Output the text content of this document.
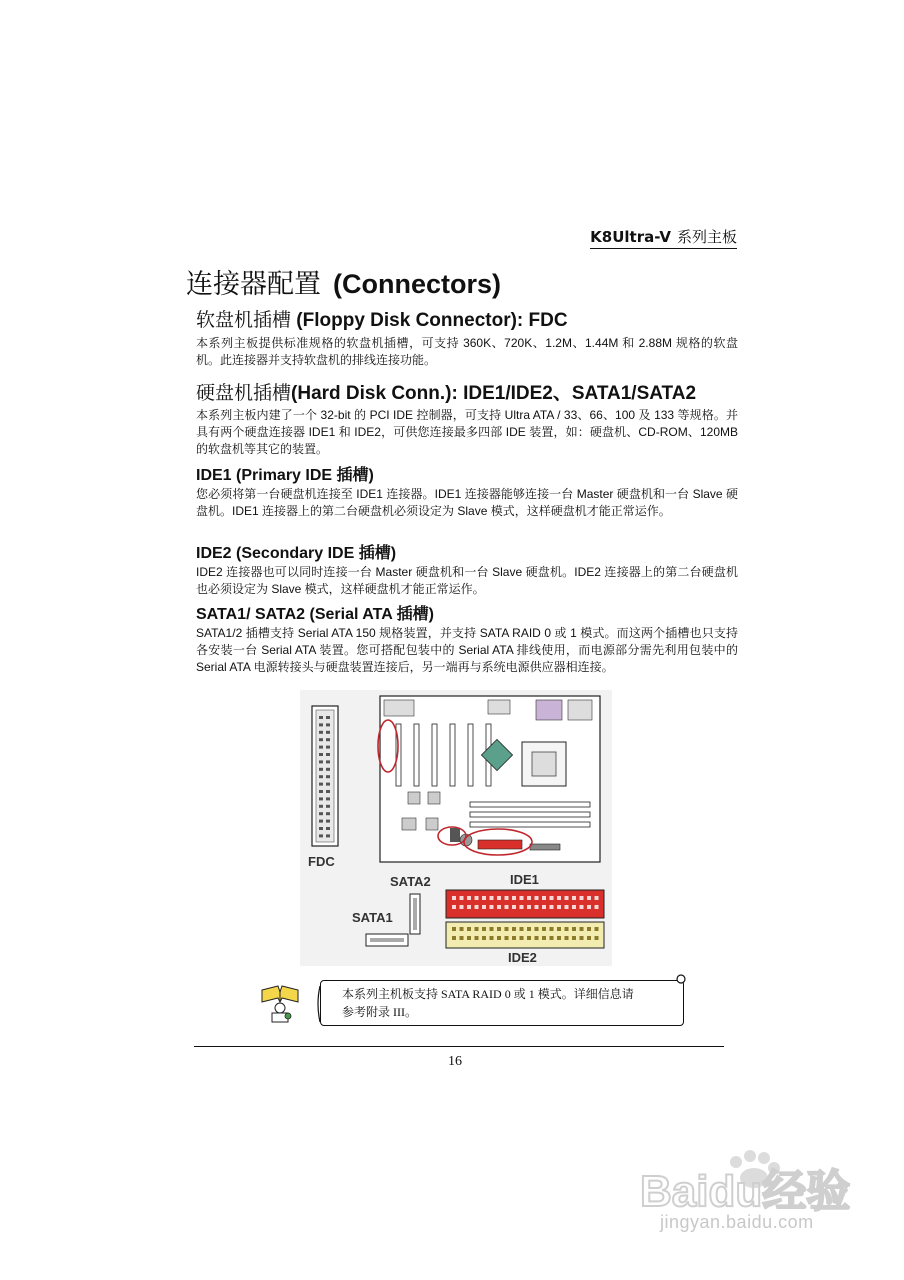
K8Ultra-V 系列主板
连接器配置 (Connectors)
软盘机插槽 (Floppy Disk Connector): FDC
本系列主板提供标准规格的软盘机插槽，可支持 360K、720K、1.2M、1.44M 和 2.88M 规格的软盘机。此连接器并支持软盘机的排线连接功能。
硬盘机插槽(Hard Disk Conn.): IDE1/IDE2、SATA1/SATA2
本系列主板内建了一个 32-bit 的 PCI IDE 控制器，可支持 Ultra ATA / 33、66、100 及 133 等规格。并具有两个硬盘连接器 IDE1 和 IDE2，可供您连接最多四部 IDE 装置，如：硬盘机、CD-ROM、120MB 的软盘机等其它的装置。
IDE1 (Primary IDE 插槽)
您必须将第一台硬盘机连接至 IDE1 连接器。IDE1 连接器能够连接一台 Master 硬盘机和一台 Slave 硬盘机。IDE1 连接器上的第二台硬盘机必须设定为 Slave 模式，这样硬盘机才能正常运作。
IDE2 (Secondary IDE 插槽)
IDE2 连接器也可以同时连接一台 Master 硬盘机和一台 Slave 硬盘机。IDE2 连接器上的第二台硬盘机也必须设定为 Slave 模式，这样硬盘机才能正常运作。
SATA1/ SATA2 (Serial ATA 插槽)
SATA1/2 插槽支持 Serial ATA 150 规格装置，并支持 SATA RAID 0 或 1 模式。而这两个插槽也只支持各安装一台 Serial ATA 装置。您可搭配包装中的 Serial ATA 排线使用，而电源部分需先利用包装中的 Serial ATA 电源转接头与硬盘装置连接后，另一端再与系统电源供应器相连接。
FDC
SATA2
SATA1
IDE1
IDE2
本系列主机板支持 SATA RAID 0 或 1 模式。详细信息请
参考附录 III。
16
Baidu经验
jingyan.baidu.com
